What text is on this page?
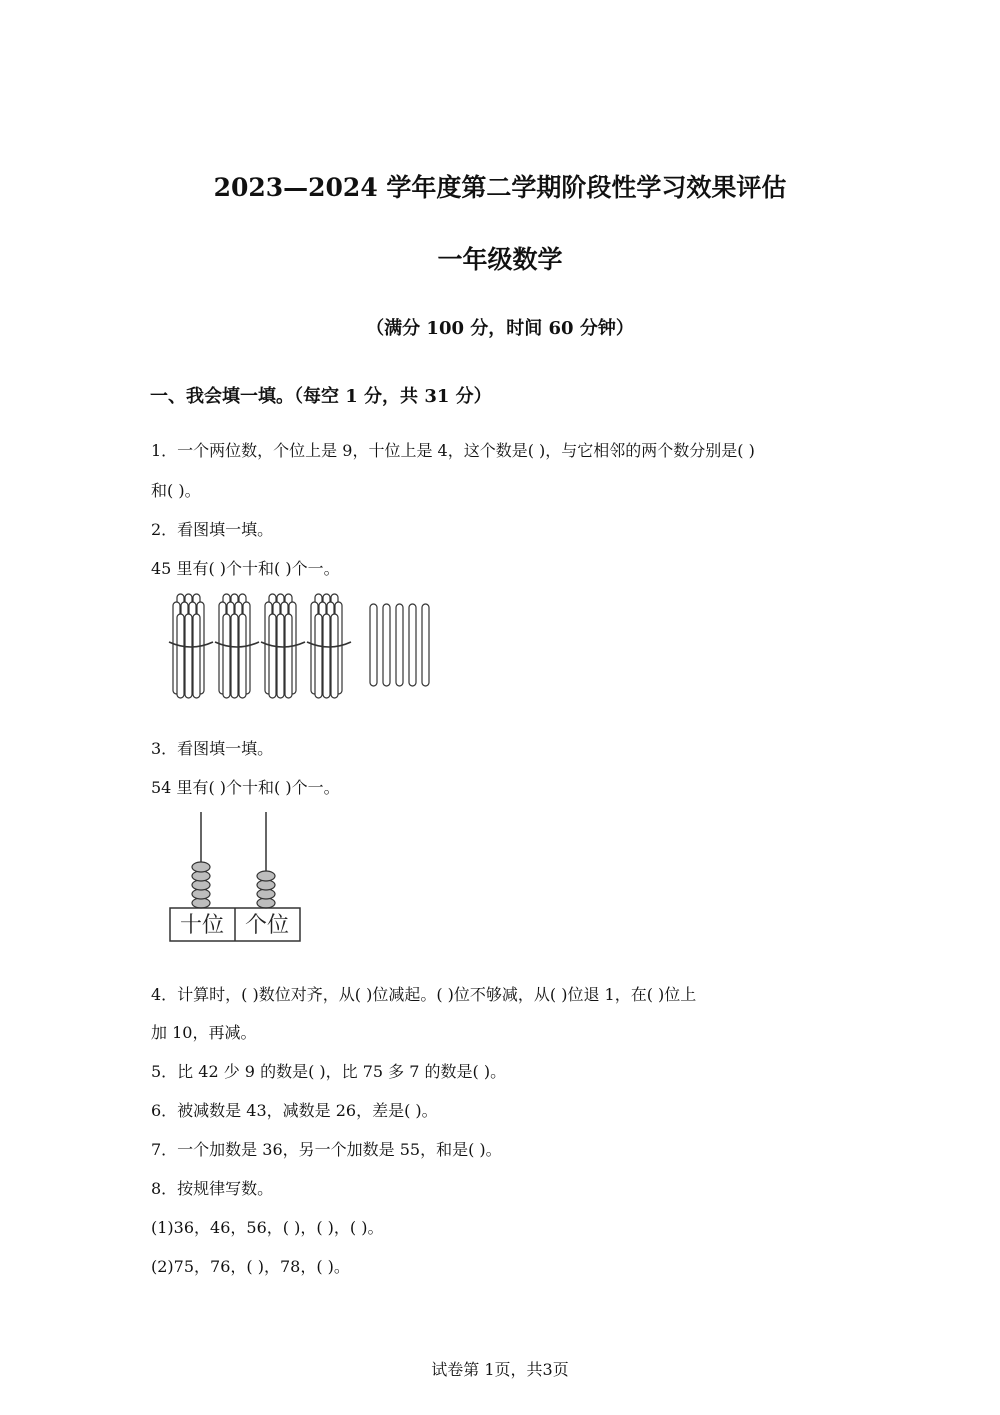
2023—2024 学年度第二学期阶段性学习效果评估
一年级数学
（满分 100 分，时间 60 分钟）
一、我会填一填。（每空 1 分，共 31 分）
1．一个两位数，个位上是 9，十位上是 4，这个数是( )，与它相邻的两个数分别是( )
和( )。
2．看图填一填。
45 里有( )个十和( )个一。
3．看图填一填。
54 里有( )个十和( )个一。
十位 个位
4．计算时，( )数位对齐，从( )位减起。( )位不够减，从( )位退 1，在( )位上
加 10，再减。
5．比 42 少 9 的数是( )，比 75 多 7 的数是( )。
6．被减数是 43，减数是 26，差是( )。
7．一个加数是 36，另一个加数是 55，和是( )。
8．按规律写数。
(1)36，46，56，( )，( )，( )。
(2)75，76，( )，78，( )。
试卷第 1页，共3页
